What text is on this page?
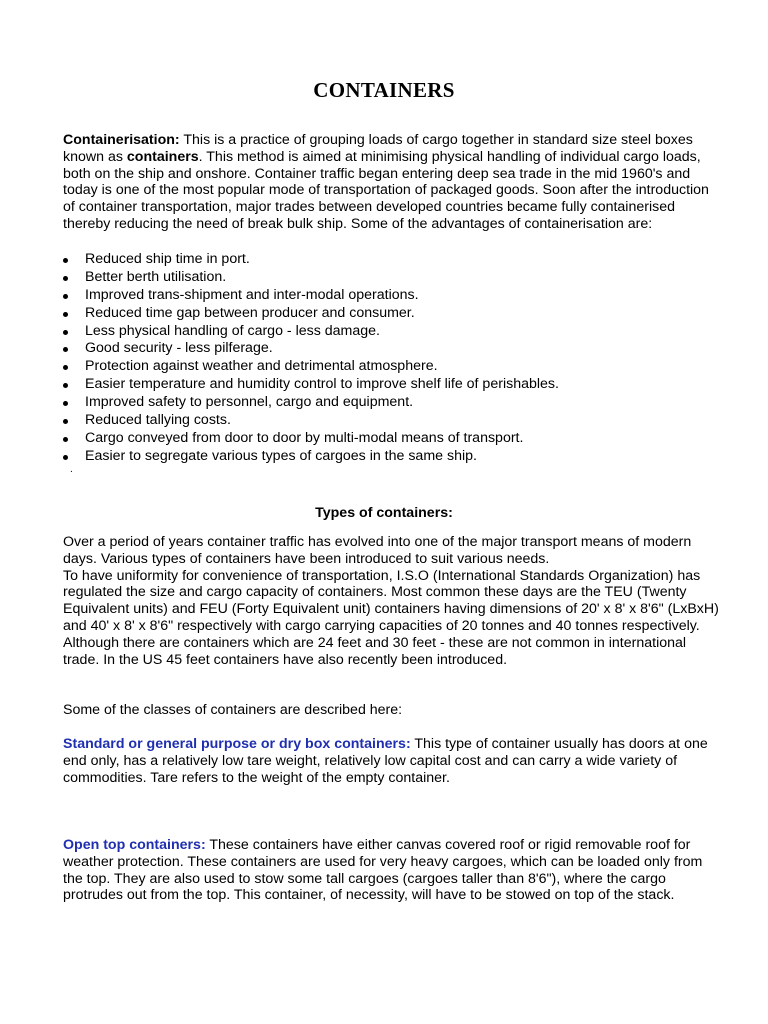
CONTAINERS
Containerisation: This is a practice of grouping loads of cargo together in standard size steel boxes known as containers. This method is aimed at minimising physical handling of individual cargo loads, both on the ship and onshore. Container traffic began entering deep sea trade in the mid 1960's and today is one of the most popular mode of transportation of packaged goods. Soon after the introduction of container transportation, major trades between developed countries became fully containerised thereby reducing the need of break bulk ship. Some of the advantages of containerisation are:
Reduced ship time in port.
Better berth utilisation.
Improved trans-shipment and inter-modal operations.
Reduced time gap between producer and consumer.
Less physical handling of cargo - less damage.
Good security - less pilferage.
Protection against weather and detrimental atmosphere.
Easier temperature and humidity control to improve shelf life of perishables.
Improved safety to personnel, cargo and equipment.
Reduced tallying costs.
Cargo conveyed from door to door by multi-modal means of transport.
Easier to segregate various types of cargoes in the same ship.
.
Types of containers:
Over a period of years container traffic has evolved into one of the major transport means of modern days. Various types of containers have been introduced to suit various needs.
To have uniformity for convenience of transportation, I.S.O (International Standards Organization) has regulated the size and cargo capacity of containers. Most common these days are the TEU (Twenty Equivalent units) and FEU (Forty Equivalent unit) containers having dimensions of 20' x 8' x 8'6" (LxBxH) and 40' x 8' x 8'6" respectively with cargo carrying capacities of 20 tonnes and 40 tonnes respectively. Although there are containers which are 24 feet and 30 feet - these are not common in international trade. In the US 45 feet containers have also recently been introduced.
Some of the classes of containers are described here:
Standard or general purpose or dry box containers: This type of container usually has doors at one end only, has a relatively low tare weight, relatively low capital cost and can carry a wide variety of commodities. Tare refers to the weight of the empty container.
Open top containers: These containers have either canvas covered roof or rigid removable roof for weather protection. These containers are used for very heavy cargoes, which can be loaded only from the top. They are also used to stow some tall cargoes (cargoes taller than 8'6"), where the cargo protrudes out from the top. This container, of necessity, will have to be stowed on top of the stack.
